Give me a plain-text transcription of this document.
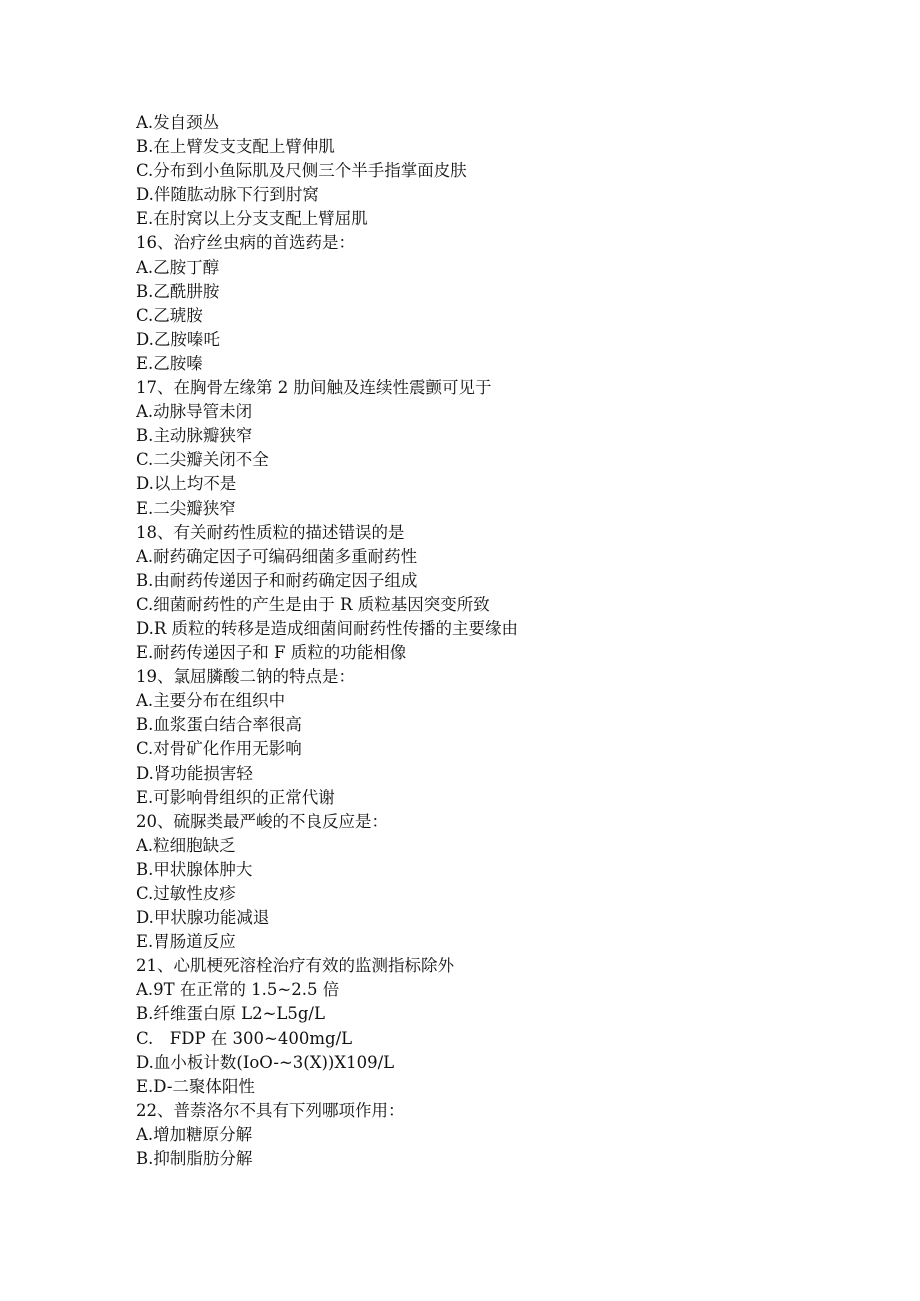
A.发自颈丛
B.在上臂发支支配上臂伸肌
C.分布到小鱼际肌及尺侧三个半手指掌面皮肤
D.伴随肱动脉下行到肘窝
E.在肘窝以上分支支配上臂屈肌
16、治疗丝虫病的首选药是：
A.乙胺丁醇
B.乙酰肼胺
C.乙琥胺
D.乙胺嗪吒
E.乙胺嗪
17、在胸骨左缘第 2 肋间触及连续性震颤可见于
A.动脉导管未闭
B.主动脉瓣狭窄
C.二尖瓣关闭不全
D.以上均不是
E.二尖瓣狭窄
18、有关耐药性质粒的描述错误的是
A.耐药确定因子可编码细菌多重耐药性
B.由耐药传递因子和耐药确定因子组成
C.细菌耐药性的产生是由于 R 质粒基因突变所致
D.R 质粒的转移是造成细菌间耐药性传播的主要缘由
E.耐药传递因子和 F 质粒的功能相像
19、氯屈膦酸二钠的特点是：
A.主要分布在组织中
B.血浆蛋白结合率很高
C.对骨矿化作用无影响
D.肾功能损害轻
E.可影响骨组织的正常代谢
20、硫脲类最严峻的不良反应是：
A.粒细胞缺乏
B.甲状腺体肿大
C.过敏性皮疹
D.甲状腺功能减退
E.胃肠道反应
21、心肌梗死溶栓治疗有效的监测指标除外
A.9T 在正常的 1.5~2.5 倍
B.纤维蛋白原 L2~L5g/L
C.　FDP 在 300~400mg/L
D.血小板计数(IoO-~3(X))X109/L
E.D-二聚体阳性
22、普萘洛尔不具有下列哪项作用：
A.增加糖原分解
B.抑制脂肪分解
